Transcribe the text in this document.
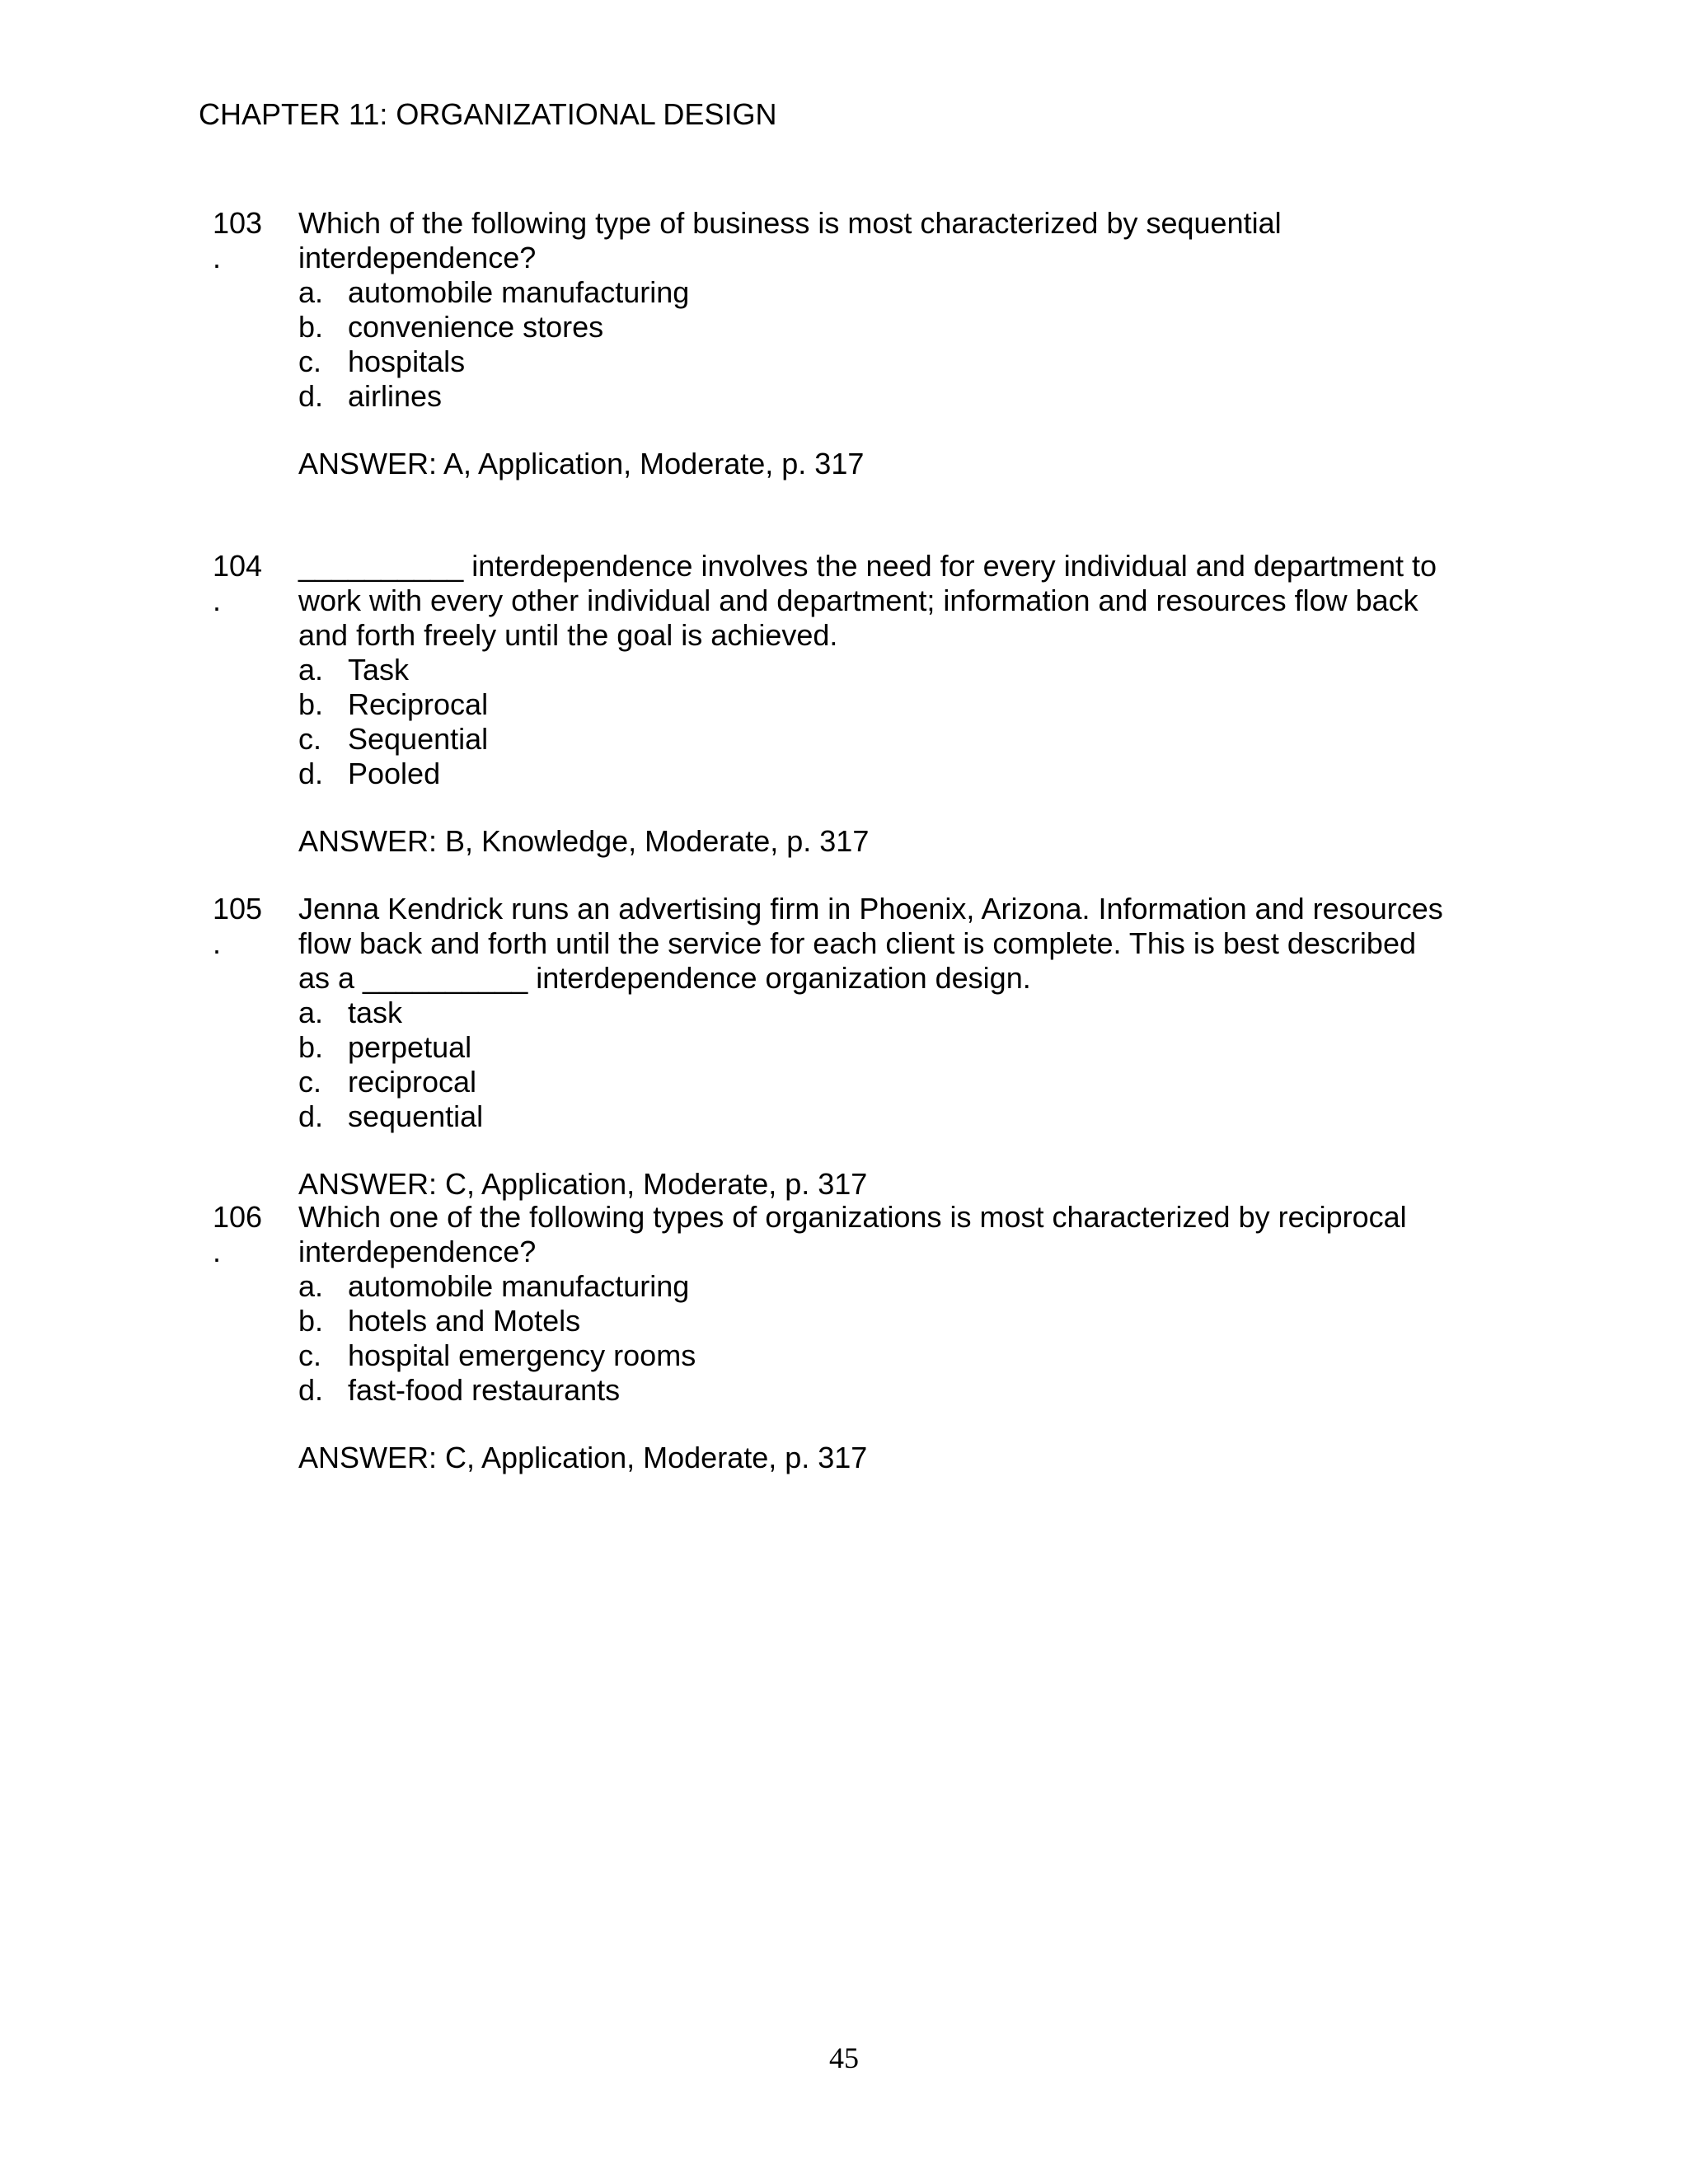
CHAPTER 11: ORGANIZATIONAL DESIGN
103
.
Which of the following type of business is most characterized by sequential
interdependence?
a. automobile manufacturing
b. convenience stores
c. hospitals
d. airlines
ANSWER: A, Application, Moderate, p. 317
104
.
__________ interdependence involves the need for every individual and department to
work with every other individual and department; information and resources flow back
and forth freely until the goal is achieved.
a. Task
b. Reciprocal
c. Sequential
d. Pooled
ANSWER: B, Knowledge, Moderate, p. 317
105
.
Jenna Kendrick runs an advertising firm in Phoenix, Arizona. Information and resources
flow back and forth until the service for each client is complete. This is best described
as a __________ interdependence organization design.
a. task
b. perpetual
c. reciprocal
d. sequential
ANSWER: C, Application, Moderate, p. 317
106
.
Which one of the following types of organizations is most characterized by reciprocal
interdependence?
a. automobile manufacturing
b. hotels and Motels
c. hospital emergency rooms
d. fast-food restaurants
ANSWER: C, Application, Moderate, p. 317
45
